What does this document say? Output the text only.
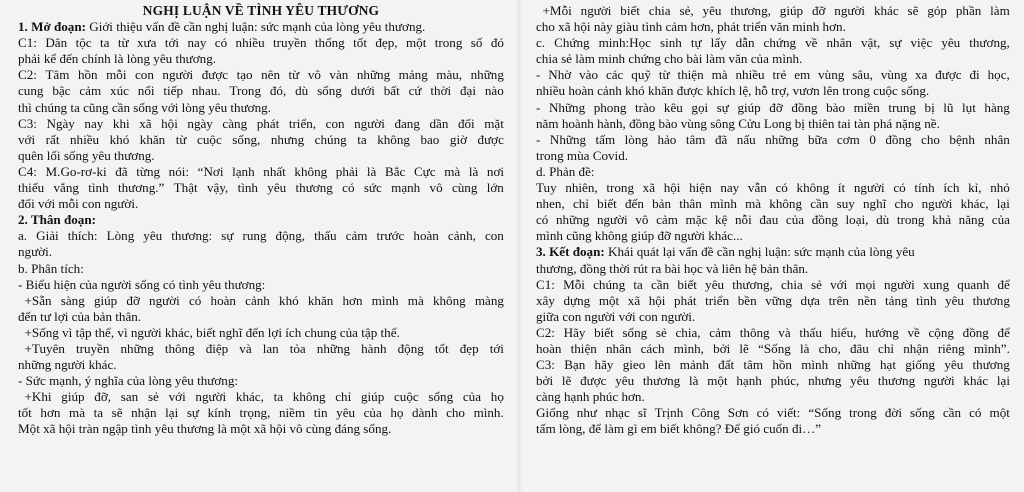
NGHỊ LUẬN VỀ TÌNH YÊU THƯƠNG
1. Mở đoạn: Giới thiệu vấn đề cần nghị luận: sức mạnh của lòng yêu thương.
C1: Dân tộc ta từ xưa tới nay có nhiều truyền thống tốt đẹp, một trong số đó
phải kể đến chính là lòng yêu thương.
C2: Tâm hồn mỗi con người được tạo nên từ vô vàn những mảng màu, những
cung bậc cảm xúc nối tiếp nhau. Trong đó, dù sống dưới bất cứ thời đại nào
thì chúng ta cũng cần sống với lòng yêu thương.
C3: Ngày nay khi xã hội ngày càng phát triển, con người đang dần đối mặt
với rất nhiều khó khăn từ cuộc sống, nhưng chúng ta không bao giờ được
quên lối sống yêu thương.
C4: M.Go-rơ-ki đã từng nói: “Nơi lạnh nhất không phải là Bắc Cực mà là nơi
thiếu vắng tình thương.” Thật vậy, tình yêu thương có sức mạnh vô cùng lớn
đối với mỗi con người.
2. Thân đoạn:
a. Giải thích: Lòng yêu thương: sự rung động, thấu cảm trước hoàn cảnh, con
người.
b. Phân tích:
- Biểu hiện của người sống có tình yêu thương:
+Sẵn sàng giúp đỡ người có hoàn cảnh khó khăn hơn mình mà không màng
đến tư lợi của bản thân.
+Sống vì tập thể, vì người khác, biết nghĩ đến lợi ích chung của tập thể.
+Tuyên truyền những thông điệp và lan tỏa những hành động tốt đẹp tới
những người khác.
- Sức mạnh, ý nghĩa của lòng yêu thương:
+Khi giúp đỡ, san sẻ với người khác, ta không chỉ giúp cuộc sống của họ
tốt hơn mà ta sẽ nhận lại sự kính trọng, niềm tin yêu của họ dành cho mình.
Một xã hội tràn ngập tình yêu thương là một xã hội vô cùng đáng sống.
+Mỗi người biết chia sẻ, yêu thương, giúp đỡ người khác sẽ góp phần làm
cho xã hội này giàu tình cảm hơn, phát triển văn minh hơn.
c. Chứng minh:Học sinh tự lấy dẫn chứng về nhân vật, sự việc yêu thương,
chia sẻ làm minh chứng cho bài làm văn của mình.
- Nhờ vào các quỹ từ thiện mà nhiều trẻ em vùng sâu, vùng xa được đi học,
nhiều hoàn cảnh khó khăn được khích lệ, hỗ trợ, vươn lên trong cuộc sống.
- Những phong trào kêu gọi sự giúp đỡ đồng bào miền trung bị lũ lụt hàng
năm hoành hành, đồng bào vùng sông Cửu Long bị thiên tai tàn phá nặng nề.
- Những tấm lòng hảo tâm đã nấu những bữa cơm 0 đồng cho bệnh nhân
trong mùa Covid.
d. Phản đề:
Tuy nhiên, trong xã hội hiện nay vẫn có không ít người có tính ích kỉ, nhỏ
nhen, chỉ biết đến bản thân mình mà không cần suy nghĩ cho người khác, lại
có những người vô cảm mặc kệ nỗi đau của đồng loại, dù trong khả năng của
mình cũng không giúp đỡ người khác...
3. Kết đoạn: Khái quát lại vấn đề cần nghị luận: sức mạnh của lòng yêu
thương, đồng thời rút ra bài học và liên hệ bản thân.
C1: Mỗi chúng ta cần biết yêu thương, chia sẻ với mọi người xung quanh để
xây dựng một xã hội phát triển bền vững dựa trên nền tảng tình yêu thương
giữa con người với con người.
C2: Hãy biết sống sẻ chia, cảm thông và thấu hiểu, hướng về cộng đồng để
hoàn thiện nhân cách mình, bởi lẽ “Sống là cho, đâu chỉ nhận riêng mình”.
C3: Bạn hãy gieo lên mảnh đất tâm hồn mình những hạt giống yêu thương
bởi lẽ được yêu thương là một hạnh phúc, nhưng yêu thương người khác lại
càng hạnh phúc hơn.
Giống như nhạc sĩ Trịnh Công Sơn có viết: “Sống trong đời sống cần có một
tấm lòng, để làm gì em biết không? Để gió cuốn đi…”
